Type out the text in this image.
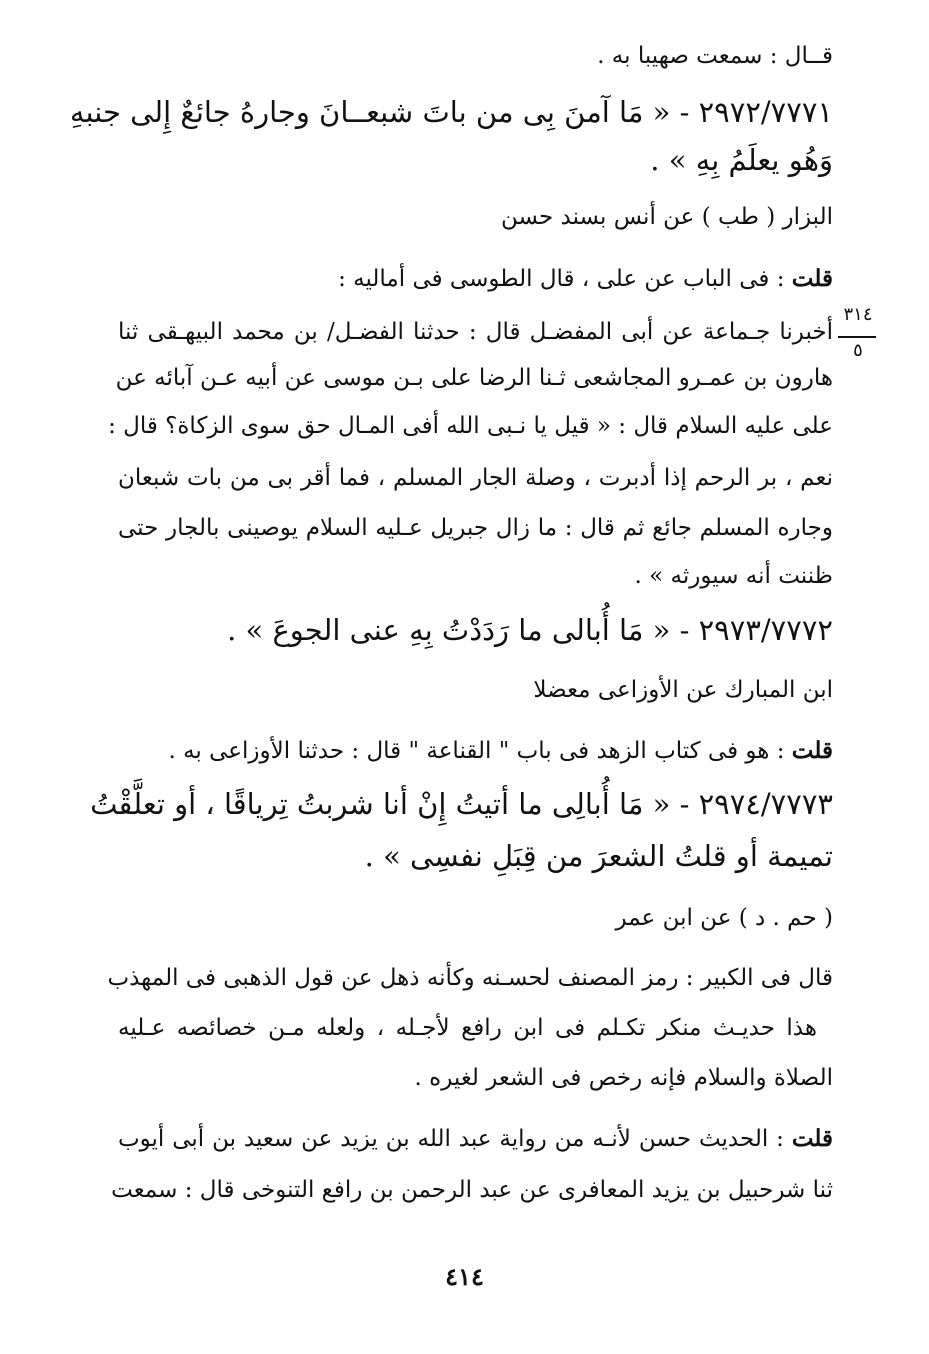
قــال : سمعت صهيبا به .
٢٩٧٢/٧٧٧١ - « مَا آمنَ بِى من باتَ شبعــانَ وجارهُ جائعٌ إِلى جنبهِ
وَهُو يعلَمُ بِهِ » .
البزار ( طب ) عن أنس بسند حسن
قلت : فى الباب عن على ، قال الطوسى فى أماليه :
أخبرنا جـماعة عن أبى المفضـل قال : حدثنا الفضـل/ بن محمد البيهـقى ثنا
هارون بن عمـرو المجاشعى ثـنا الرضا على بـن موسى عن أبيه عـن آبائه عن
على عليه السلام قال : « قيل يا نـبى الله أفى المـال حق سوى الزكاة؟ قال :
نعم ، بر الرحم إذا أدبرت ، وصلة الجار المسلم ، فما أقر بى من بات شبعان
وجاره المسلم جائع ثم قال : ما زال جبريل عـليه السلام يوصينى بالجار حتى
ظننت أنه سيورثه » .
٢٩٧٣/٧٧٧٢ - « مَا أُبالى ما رَدَدْتُ بِهِ عنى الجوعَ » .
ابن المبارك عن الأوزاعى معضلا
قلت : هو فى كتاب الزهد فى باب " القناعة " قال : حدثنا الأوزاعى به .
٢٩٧٤/٧٧٧٣ - « مَا أُبالِى ما أتيتُ إِنْ أنا شربتُ تِرياقًا ، أو تعلَّقْتُ
تميمة أو قلتُ الشعرَ من قِبَلِ نفسِى » .
( حم . د ) عن ابن عمر
قال فى الكبير : رمز المصنف لحسـنه وكأنه ذهل عن قول الذهبى فى المهذب
هذا حديـث منكر تكـلم فى ابن رافع لأجـله ، ولعله مـن خصائصه عـليه
الصلاة والسلام فإنه رخص فى الشعر لغيره .
قلت : الحديث حسن لأنـه من رواية عبد الله بن يزيد عن سعيد بن أبى أيوب
ثنا شرحبيل بن يزيد المعافرى عن عبد الرحمن بن رافع التنوخى قال : سمعت
٣١٤
٥
٤١٤
